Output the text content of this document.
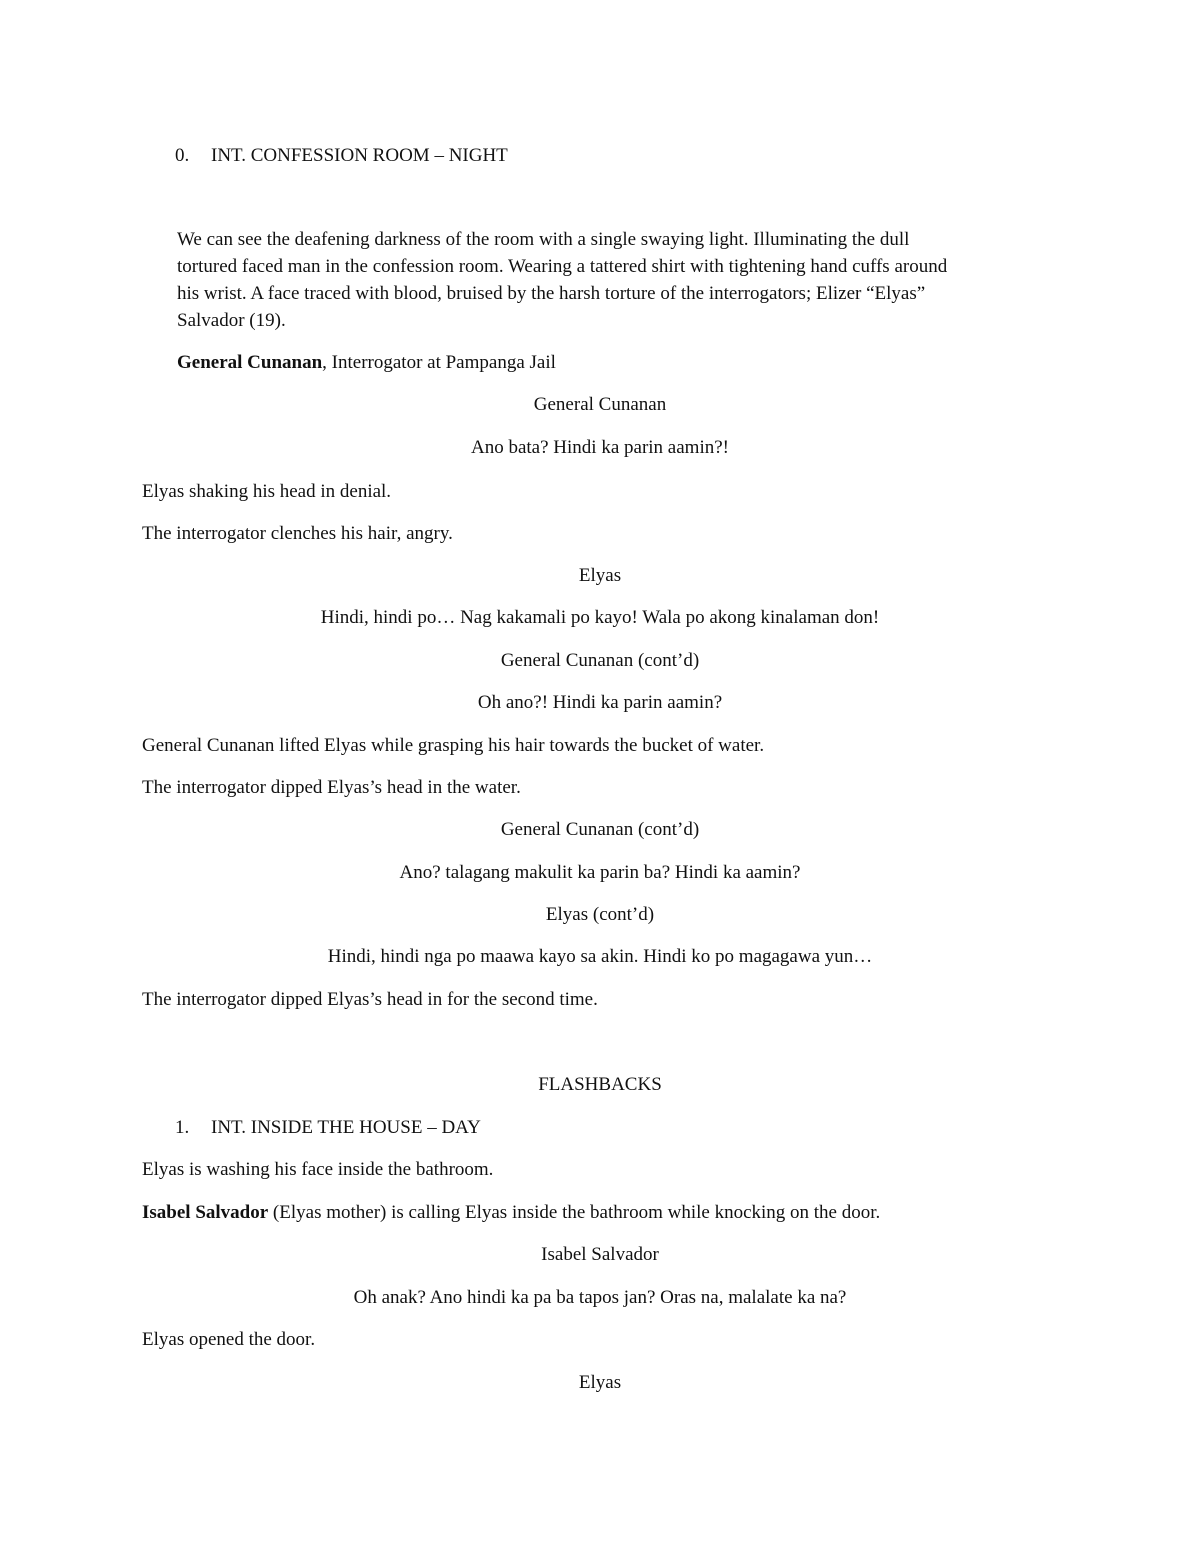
0. INT. CONFESSION ROOM – NIGHT
We can see the deafening darkness of the room with a single swaying light. Illuminating the dull
tortured faced man in the confession room. Wearing a tattered shirt with tightening hand cuffs around
his wrist. A face traced with blood, bruised by the harsh torture of the interrogators; Elizer “Elyas”
Salvador (19).
General Cunanan, Interrogator at Pampanga Jail
General Cunanan
Ano bata? Hindi ka parin aamin?!
Elyas shaking his head in denial.
The interrogator clenches his hair, angry.
Elyas
Hindi, hindi po… Nag kakamali po kayo! Wala po akong kinalaman don!
General Cunanan (cont’d)
Oh ano?! Hindi ka parin aamin?
General Cunanan lifted Elyas while grasping his hair towards the bucket of water.
The interrogator dipped Elyas’s head in the water.
General Cunanan (cont’d)
Ano? talagang makulit ka parin ba? Hindi ka aamin?
Elyas (cont’d)
Hindi, hindi nga po maawa kayo sa akin. Hindi ko po magagawa yun…
The interrogator dipped Elyas’s head in for the second time.
FLASHBACKS
1. INT. INSIDE THE HOUSE – DAY
Elyas is washing his face inside the bathroom.
Isabel Salvador (Elyas mother) is calling Elyas inside the bathroom while knocking on the door.
Isabel Salvador
Oh anak? Ano hindi ka pa ba tapos jan? Oras na, malalate ka na?
Elyas opened the door.
Elyas
